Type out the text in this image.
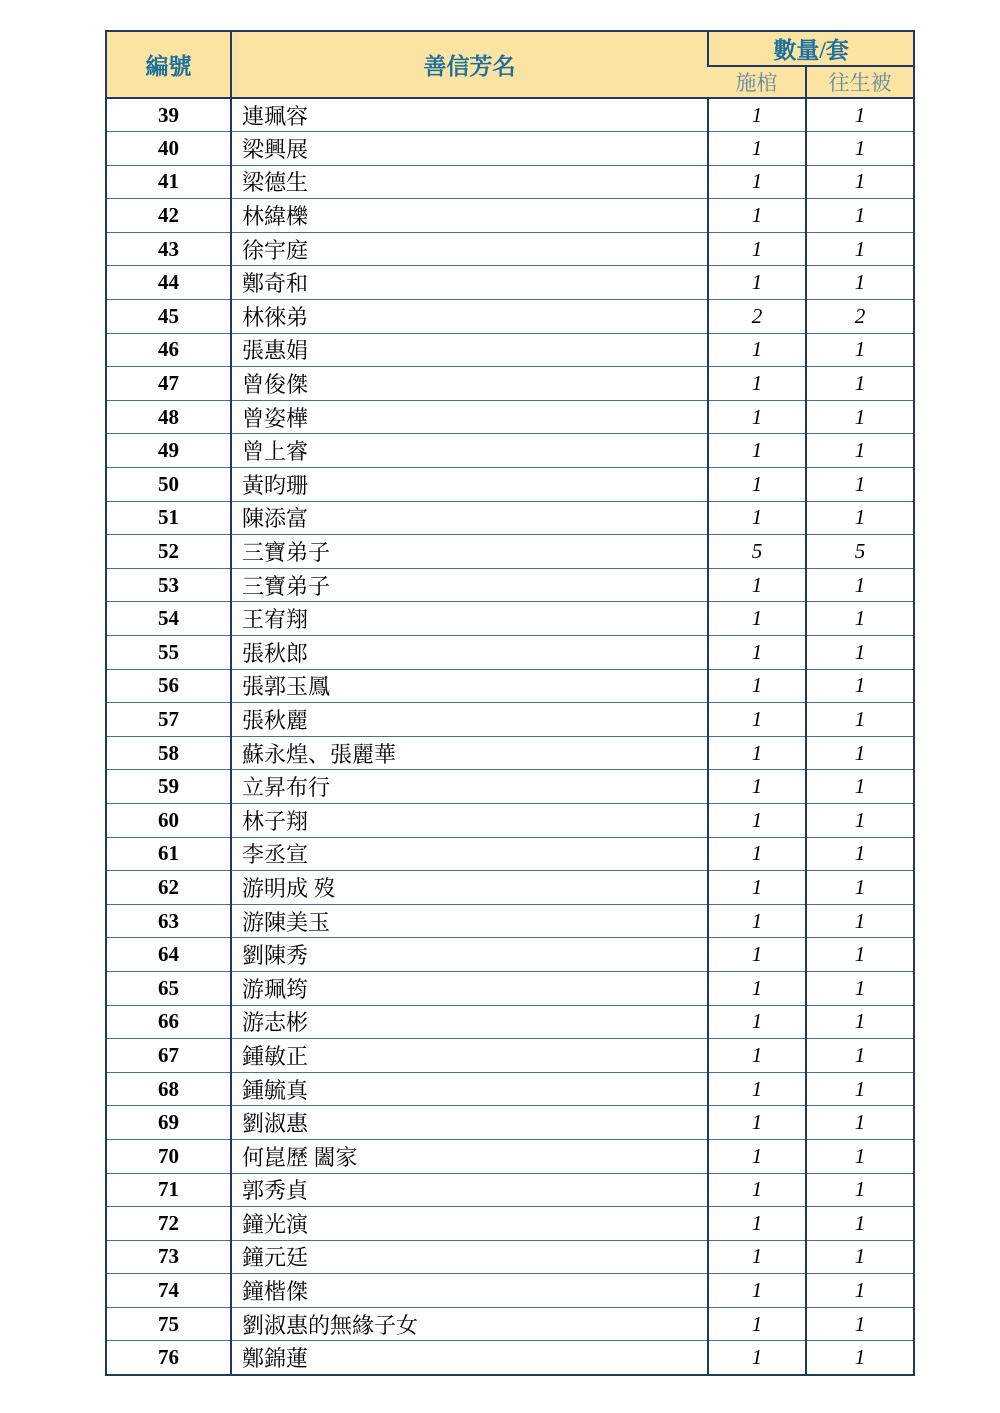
編號	善信芳名	數量/套	
		施棺	往生被
39	連珮容	1	1
40	梁興展	1	1
41	梁德生	1	1
42	林緯櫟	1	1
43	徐宇庭	1	1
44	鄭奇和	1	1
45	林徠弟	2	2
46	張惠娟	1	1
47	曾俊傑	1	1
48	曾姿樺	1	1
49	曾上睿	1	1
50	黃昀珊	1	1
51	陳添富	1	1
52	三寶弟子	5	5
53	三寶弟子	1	1
54	王宥翔	1	1
55	張秋郎	1	1
56	張郭玉鳳	1	1
57	張秋麗	1	1
58	蘇永煌、張麗華	1	1
59	立昇布行	1	1
60	林子翔	1	1
61	李丞宣	1	1
62	游明成 歿	1	1
63	游陳美玉	1	1
64	劉陳秀	1	1
65	游珮筠	1	1
66	游志彬	1	1
67	鍾敏正	1	1
68	鍾毓真	1	1
69	劉淑惠	1	1
70	何崑歷 闔家	1	1
71	郭秀貞	1	1
72	鐘光演	1	1
73	鐘元廷	1	1
74	鐘楷傑	1	1
75	劉淑惠的無緣子女	1	1
76	鄭錦蓮	1	1
